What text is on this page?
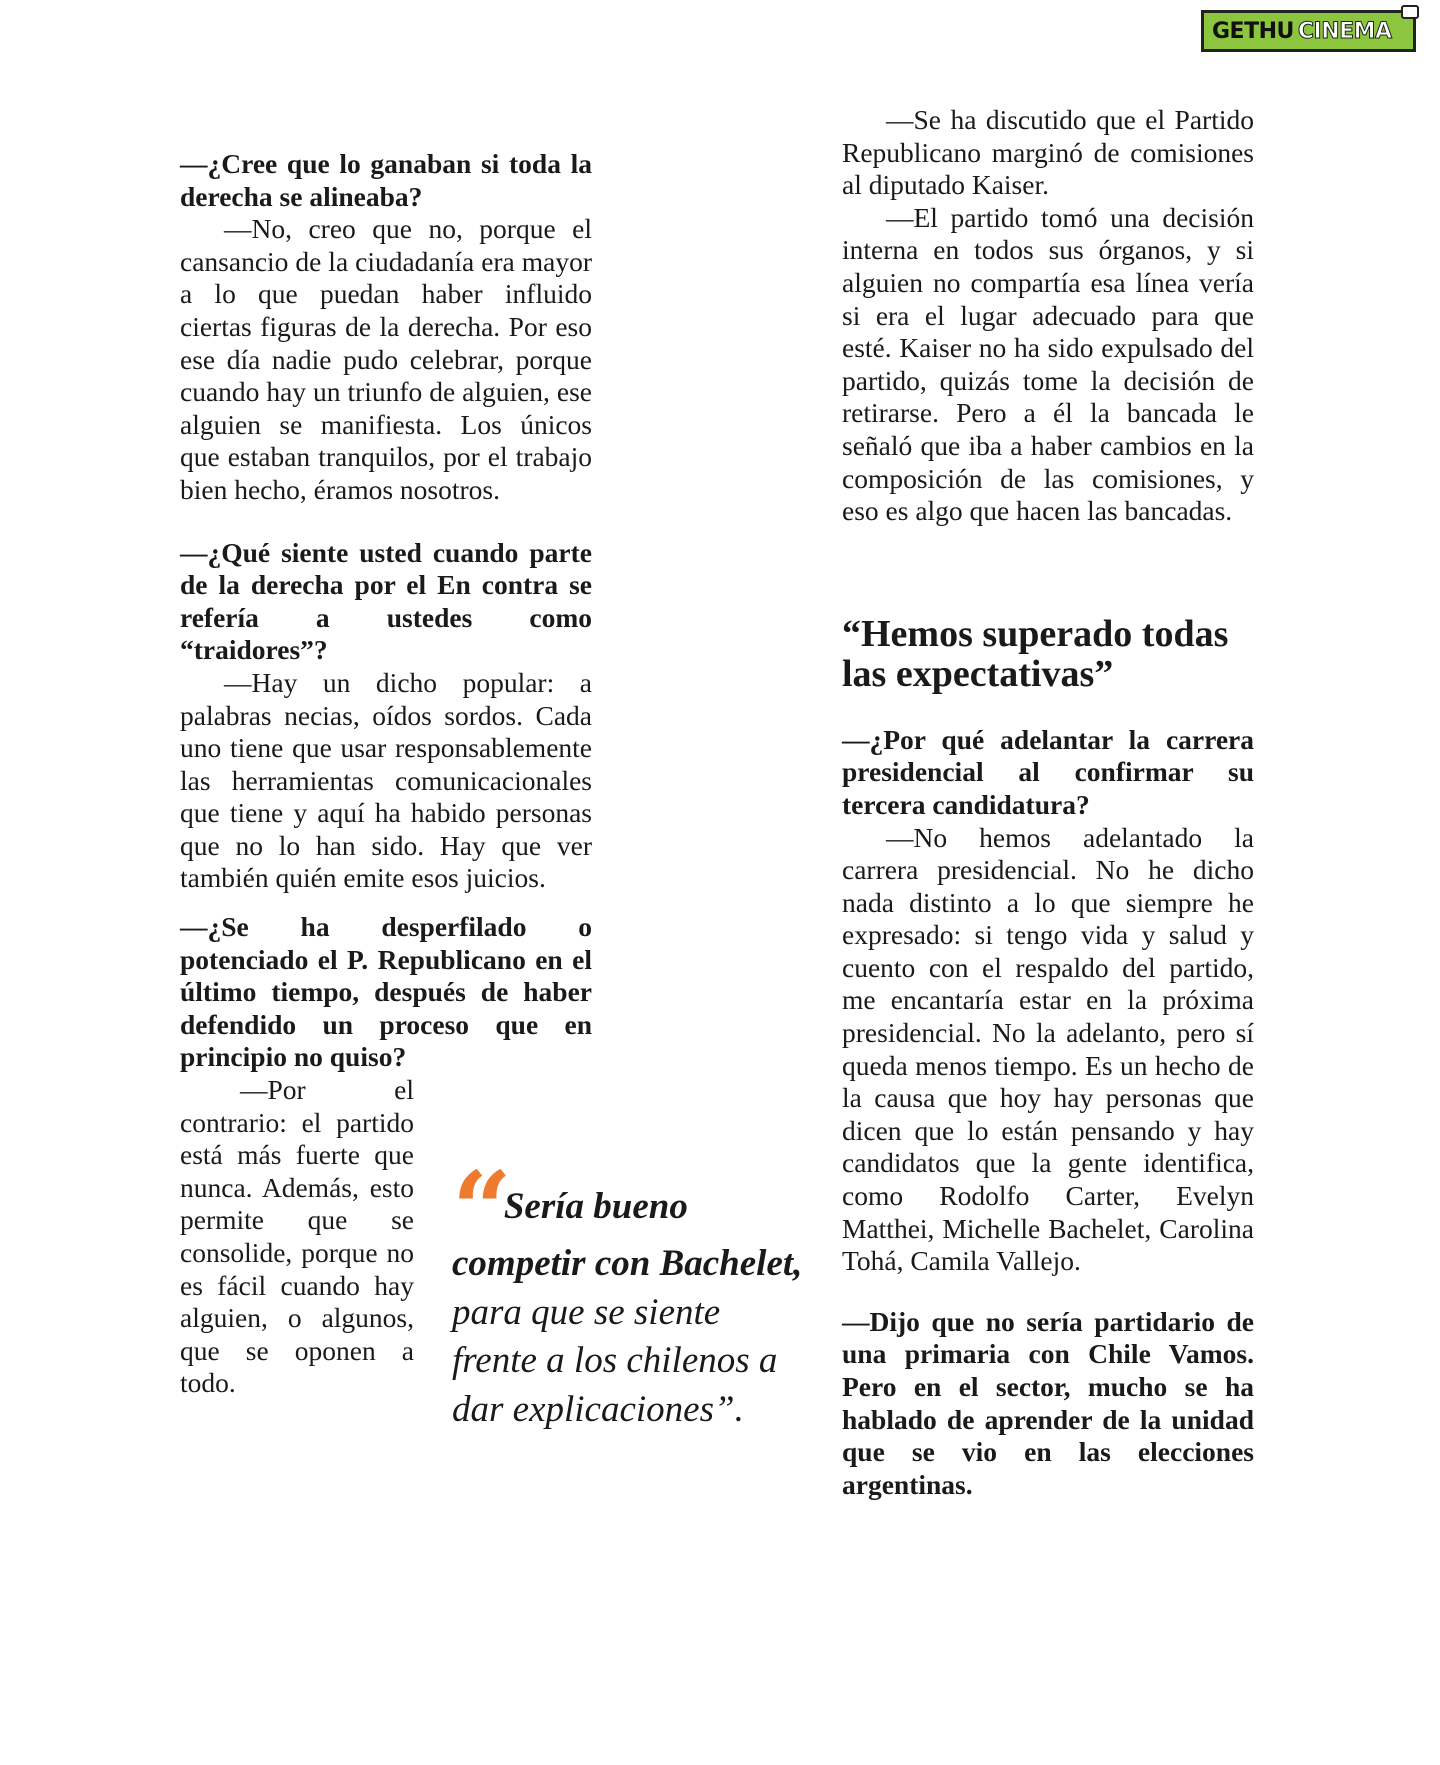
GETHU CINEMA

—¿Cree que lo ganaban si toda la derecha se alineaba?

—No, creo que no, porque el cansancio de la ciudadanía era mayor a lo que puedan haber influido ciertas figuras de la derecha. Por eso ese día nadie pudo celebrar, porque cuando hay un triunfo de alguien, ese alguien se manifiesta. Los únicos que estaban tranquilos, por el trabajo bien hecho, éramos nosotros.

—¿Qué siente usted cuando parte de la derecha por el En contra se refería a ustedes como “traidores”?

—Hay un dicho popular: a palabras necias, oídos sordos. Cada uno tiene que usar responsablemente las herramientas comunicacionales que tiene y aquí ha habido personas que no lo han sido. Hay que ver también quién emite esos juicios.

—¿Se ha desperfilado o potenciado el P. Republicano en el último tiempo, después de haber defendido un proceso que en principio no quiso?

—Por el contrario: el partido está más fuerte que nunca. Además, esto permite que se consolide, porque no es fácil cuando hay alguien, o algunos, que se oponen a todo.

“ Sería bueno competir con Bachelet, para que se siente frente a los chilenos a dar explicaciones”.

—Se ha discutido que el Partido Republicano marginó de comisiones al diputado Kaiser.

—El partido tomó una decisión interna en todos sus órganos, y si alguien no compartía esa línea vería si era el lugar adecuado para que esté. Kaiser no ha sido expulsado del partido, quizás tome la decisión de retirarse. Pero a él la bancada le señaló que iba a haber cambios en la composición de las comisiones, y eso es algo que hacen las bancadas.

“Hemos superado todas las expectativas”

—¿Por qué adelantar la carrera presidencial al confirmar su tercera candidatura?

—No hemos adelantado la carrera presidencial. No he dicho nada distinto a lo que siempre he expresado: si tengo vida y salud y cuento con el respaldo del partido, me encantaría estar en la próxima presidencial. No la adelanto, pero sí queda menos tiempo. Es un hecho de la causa que hoy hay personas que dicen que lo están pensando y hay candidatos que la gente identifica, como Rodolfo Carter, Evelyn Matthei, Michelle Bachelet, Carolina Tohá, Camila Vallejo.

—Dijo que no sería partidario de una primaria con Chile Vamos. Pero en el sector, mucho se ha hablado de aprender de la unidad que se vio en las elecciones argentinas.
